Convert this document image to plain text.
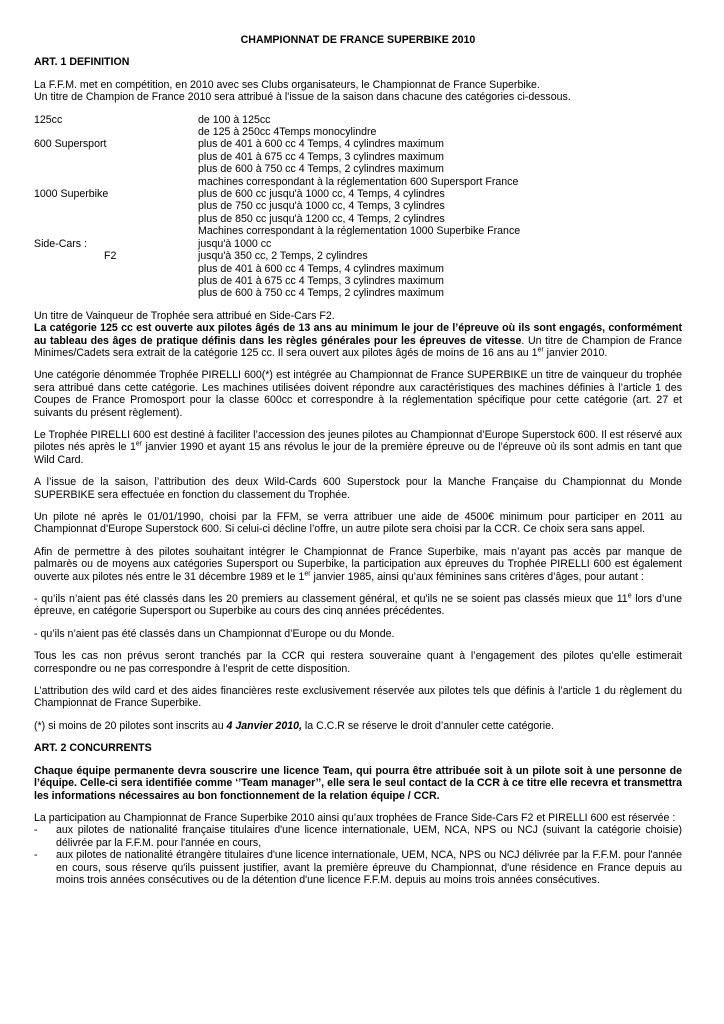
CHAMPIONNAT DE FRANCE SUPERBIKE 2010
ART. 1 DEFINITION
La F.F.M. met en compétition, en 2010 avec ses Clubs organisateurs, le Championnat de France Superbike.
Un titre de Champion de France 2010 sera attribué à l'issue de la saison dans chacune des catégories ci-dessous.
125cc	de 100 à 125cc
de 125 à 250cc 4Temps monocylindre
600 Supersport	plus de 401 à 600 cc 4 Temps, 4 cylindres maximum
plus de 401 à 675 cc 4 Temps, 3 cylindres maximum
plus de 600 à 750 cc 4 Temps, 2 cylindres maximum
machines correspondant à la réglementation 600 Supersport France
1000 Superbike	plus de 600 cc jusqu'à 1000 cc, 4 Temps, 4 cylindres
plus de 750 cc jusqu'à 1000 cc, 4 Temps, 3 cylindres
plus de 850 cc jusqu'à 1200 cc, 4 Temps, 2 cylindres
Machines correspondant à la réglementation 1000 Superbike France
Side-Cars :	jusqu'à 1000 cc
F2	jusqu'à 350 cc, 2 Temps, 2 cylindres
plus de 401 à 600 cc 4 Temps, 4 cylindres maximum
plus de 401 à 675 cc 4 Temps, 3 cylindres maximum
plus de 600 à 750 cc 4 Temps, 2 cylindres maximum
Un titre de Vainqueur de Trophée sera attribué en Side-Cars F2.

La catégorie 125 cc est ouverte aux pilotes âgés de 13 ans au minimum le jour de l’épreuve où ils sont engagés, conformément au tableau des âges de pratique définis dans les règles générales pour les épreuves de vitesse. Un titre de Champion de France Minimes/Cadets sera extrait de la catégorie 125 cc. Il sera ouvert aux pilotes âgés de moins de 16 ans au 1er janvier 2010.

Une catégorie dénommée Trophée PIRELLI 600(*) est intégrée au Championnat de France SUPERBIKE un titre de vainqueur du trophée sera attribué dans cette catégorie. Les machines utilisées doivent répondre aux caractéristiques des machines définies à l’article 1 des Coupes de France Promosport pour la classe 600cc et correspondre à la réglementation spécifique pour cette catégorie (art. 27 et suivants du présent règlement).

Le Trophée PIRELLI 600 est destiné à faciliter l’accession des jeunes pilotes au Championnat d’Europe Superstock 600. Il est réservé aux pilotes nés après le 1er janvier 1990 et ayant 15 ans révolus le jour de la première épreuve ou de l’épreuve où ils sont admis en tant que Wild Card.

A l’issue de la saison, l’attribution des deux Wild-Cards 600 Superstock pour la Manche Française du Championnat du Monde SUPERBIKE sera effectuée en fonction du classement du Trophée.

Un pilote né après le 01/01/1990, choisi par la FFM, se verra attribuer une aide de 4500€ minimum pour participer en 2011 au Championnat d’Europe Superstock 600. Si celui-ci décline l’offre, un autre pilote sera choisi par la CCR. Ce choix sera sans appel.

Afin de permettre à des pilotes souhaitant intégrer le Championnat de France Superbike, mais n’ayant pas accès par manque de palmarès ou de moyens aux catégories Supersport ou Superbike, la participation aux épreuves du Trophée PIRELLI 600 est également ouverte aux pilotes nés entre le 31 décembre 1989 et le 1er janvier 1985, ainsi qu’aux féminines sans critères d’âges, pour autant :

- qu’ils n’aient pas été classés dans les 20 premiers au classement général, et qu'ils ne se soient pas classés mieux que 11e lors d’une épreuve, en catégorie Supersport ou Superbike au cours des cinq années précédentes.

- qu’ils n’aient pas été classés dans un Championnat d’Europe ou du Monde.

Tous les cas non prévus seront tranchés par la CCR qui restera souveraine quant à l’engagement des pilotes qu’elle estimerait correspondre ou ne pas correspondre à l’esprit de cette disposition.

L’attribution des wild card et des aides financières reste exclusivement réservée aux pilotes tels que définis à l’article 1 du règlement du Championnat de France Superbike.

(*) si moins de 20 pilotes sont inscrits au 4 Janvier 2010, la C.C.R se réserve le droit d’annuler cette catégorie.

ART. 2 CONCURRENTS

Chaque équipe permanente devra souscrire une licence Team, qui pourra être attribuée soit à un pilote soit à une personne de l’équipe. Celle-ci sera identifiée comme ‘’Team manager’’, elle sera le seul contact de la CCR à ce titre elle recevra et transmettra les informations nécessaires au bon fonctionnement de la relation équipe / CCR.

La participation au Championnat de France Superbike 2010 ainsi qu’aux trophées de France Side-Cars F2 et PIRELLI 600 est réservée :
-	aux pilotes de nationalité française titulaires d'une licence internationale, UEM, NCA, NPS ou NCJ (suivant la catégorie choisie) délivrée par la F.F.M. pour l'année en cours,
-	aux pilotes de nationalité étrangère titulaires d'une licence internationale, UEM, NCA, NPS ou NCJ délivrée par la F.F.M. pour l'année en cours, sous réserve qu'ils puissent justifier, avant la première épreuve du Championnat, d'une résidence en France depuis au moins trois années consécutives ou de la détention d'une licence F.F.M. depuis au moins trois années consécutives.
